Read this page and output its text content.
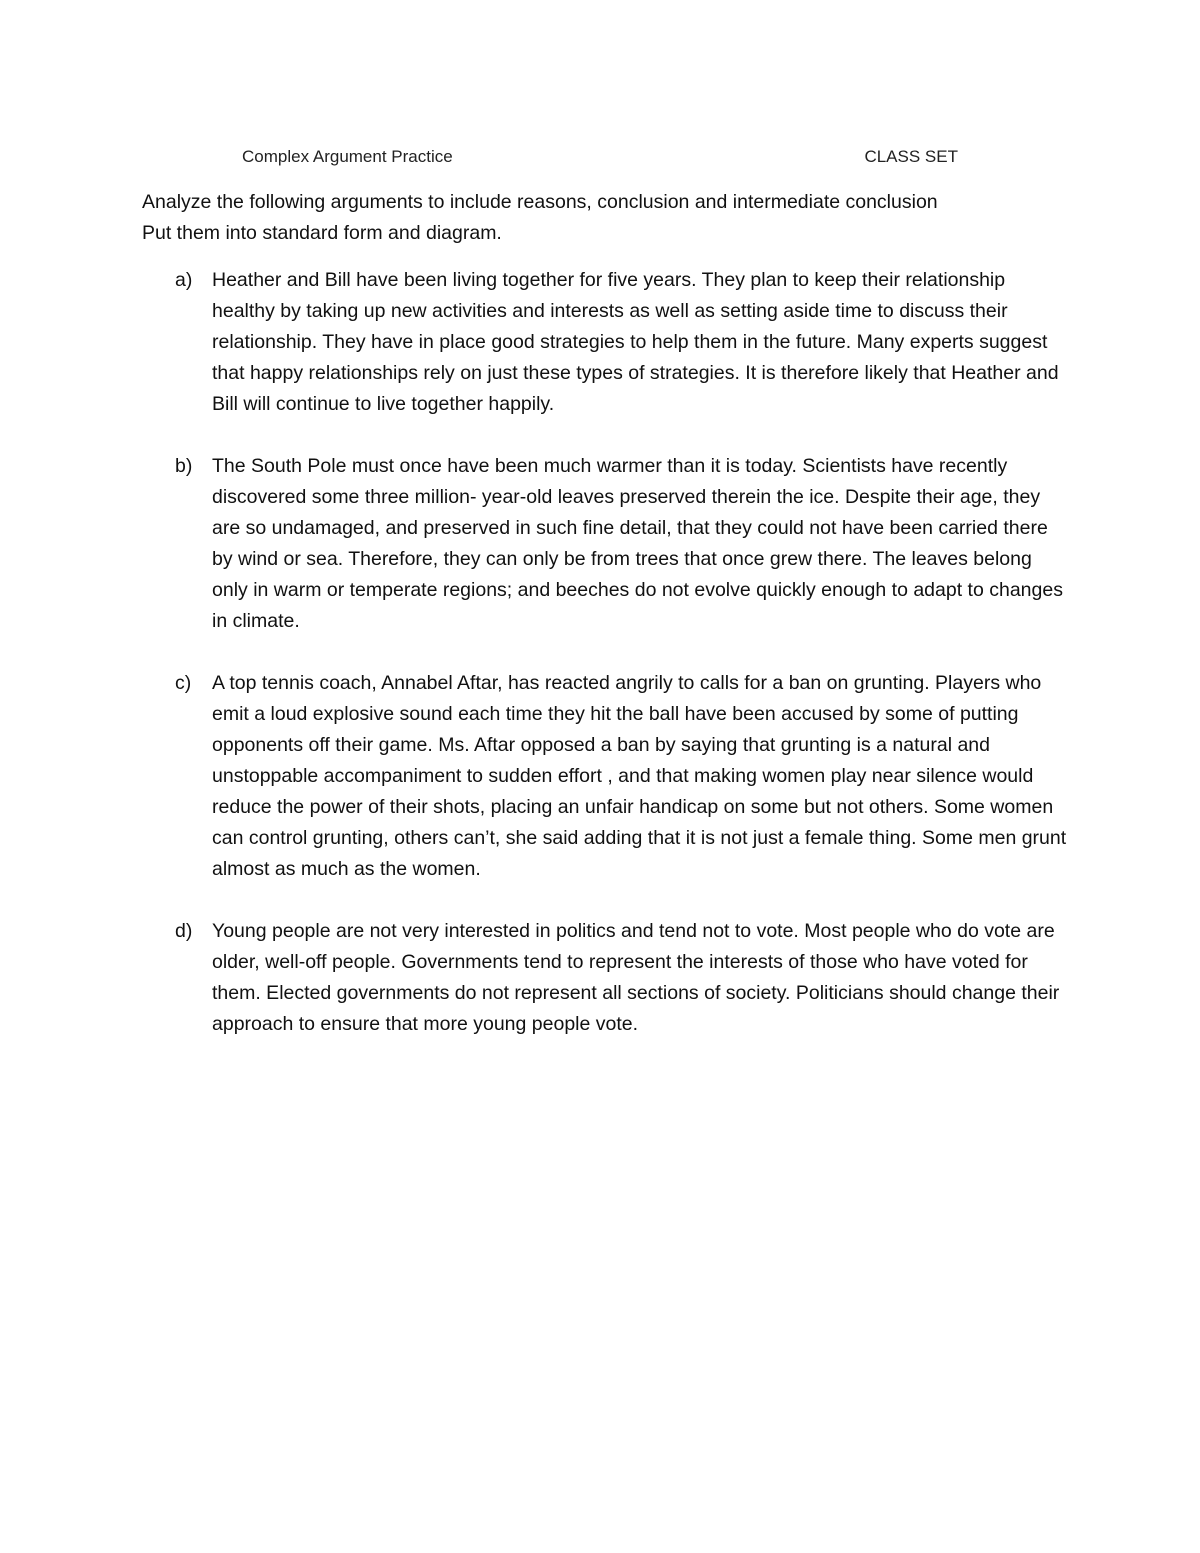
Complex Argument Practice	CLASS SET

Analyze the following arguments to include reasons, conclusion and intermediate conclusion

Put them into standard form and diagram.

a) Heather and Bill have been living together for five years. They plan to keep their relationship healthy by taking up new activities and interests as well as setting aside time to discuss their relationship. They have in place good strategies to help them in the future. Many experts suggest that happy relationships rely on just these types of strategies. It is therefore likely that Heather and Bill will continue to live together happily.
b) The South Pole must once have been much warmer than it is today. Scientists have recently discovered some three million- year-old leaves preserved therein the ice. Despite their age, they are so undamaged, and preserved in such fine detail, that they could not have been carried there by wind or sea. Therefore, they can only be from trees that once grew there. The leaves belong only in warm or temperate regions; and beeches do not evolve quickly enough to adapt to changes in climate.
c) A top tennis coach, Annabel Aftar, has reacted angrily to calls for a ban on grunting. Players who emit a loud explosive sound each time they hit the ball have been accused by some of putting opponents off their game. Ms. Aftar opposed a ban by saying that grunting is a natural and unstoppable accompaniment to sudden effort , and that making women play near silence would reduce the power of their shots, placing an unfair handicap on some but not others. Some women can control grunting, others can’t, she said adding that it is not just a female thing. Some men grunt almost as much as the women.
d) Young people are not very interested in politics and tend not to vote. Most people who do vote are older, well-off people. Governments tend to represent the interests of those who have voted for them. Elected governments do not represent all sections of society. Politicians should change their approach to ensure that more young people vote.
